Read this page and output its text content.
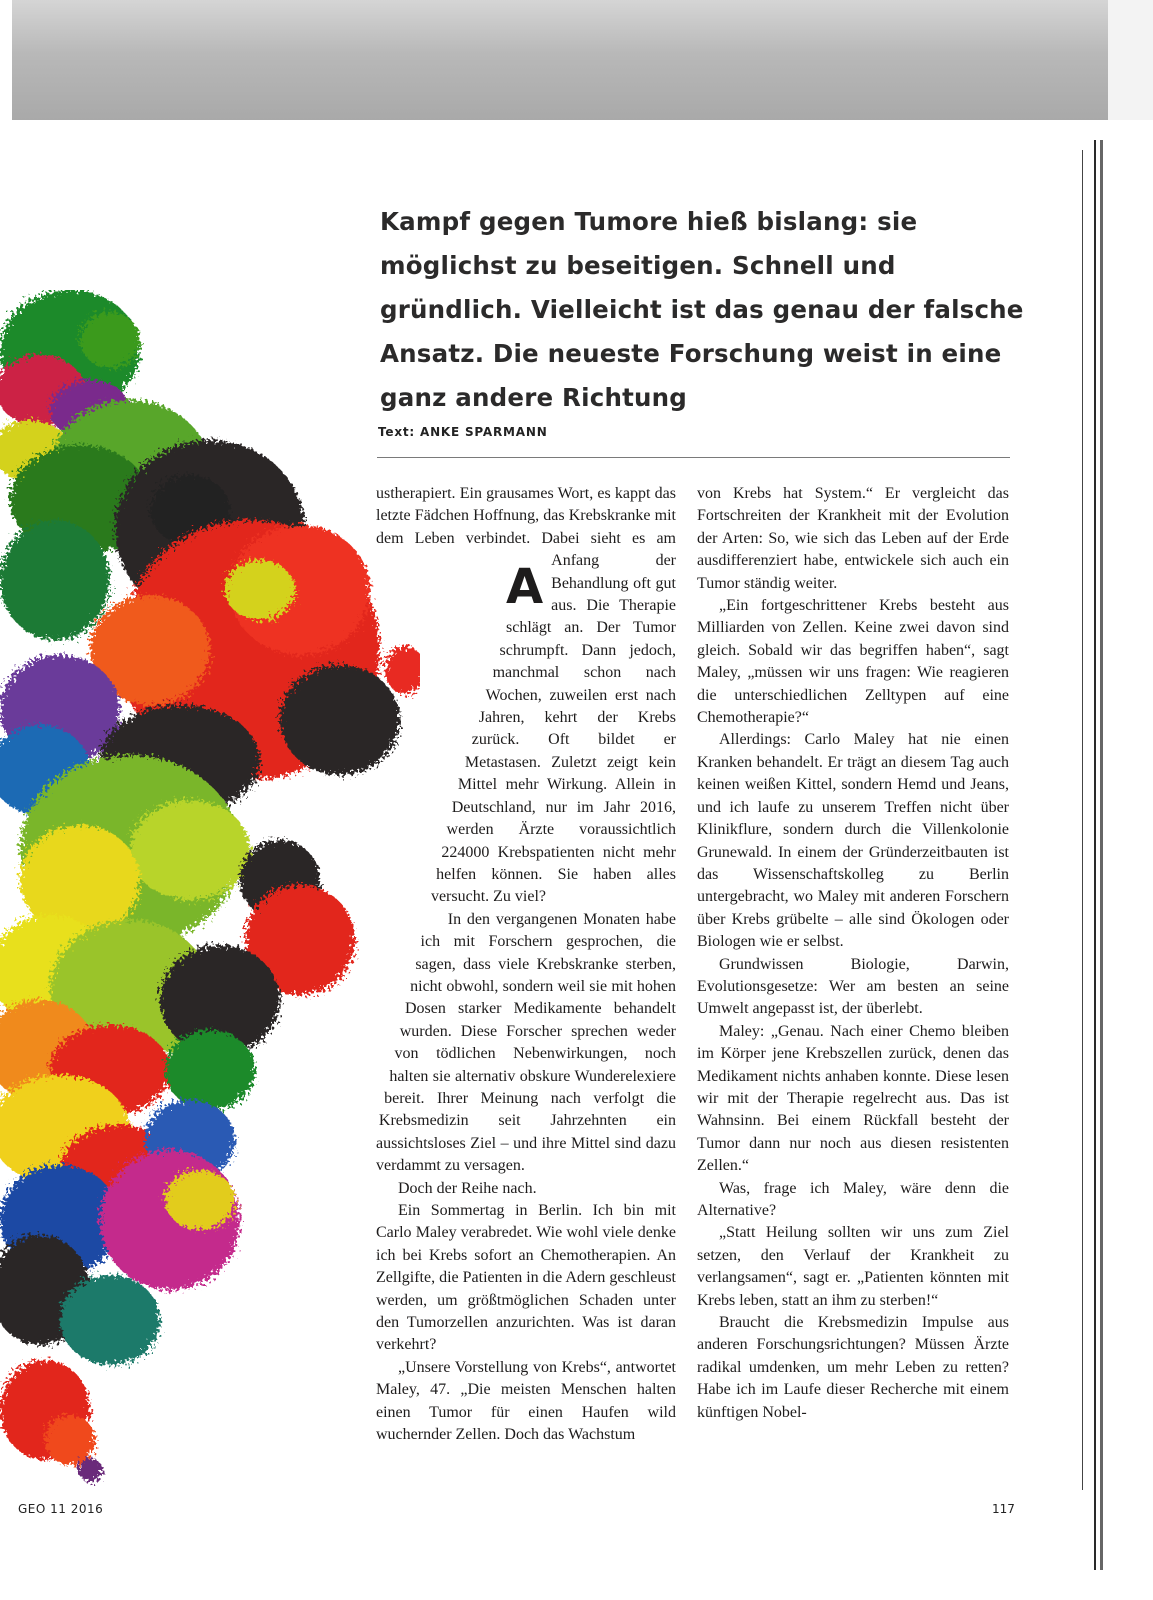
Kampf gegen Tumore hieß bislang: sie möglichst zu beseitigen. Schnell und gründlich. Vielleicht ist das genau der falsche Ansatz. Die neueste Forschung weist in eine ganz andere Richtung
Text: ANKE SPARMANN

A
ustherapiert. Ein grausames Wort, es kappt das letzte Fädchen Hoffnung, das Krebskranke mit dem Leben verbindet. Dabei sieht es am Anfang der Behandlung oft gut aus. Die Therapie schlägt an. Der Tumor schrumpft. Dann jedoch, manchmal schon nach Wochen, zuweilen erst nach Jahren, kehrt der Krebs zurück. Oft bildet er Metastasen. Zuletzt zeigt kein Mittel mehr Wirkung. Allein in Deutschland, nur im Jahr 2016, werden Ärzte voraussichtlich 224000 Krebspatienten nicht mehr helfen können. Sie haben alles versucht. Zu viel?

In den vergangenen Monaten habe ich mit Forschern gesprochen, die sagen, dass viele Krebskranke sterben, nicht obwohl, sondern weil sie mit hohen Dosen starker Medikamente behandelt wurden. Diese Forscher sprechen weder von tödlichen Nebenwirkungen, noch halten sie alternativ obskure Wunderelexiere bereit. Ihrer Meinung nach verfolgt die Krebsmedizin seit Jahrzehnten ein aussichtsloses Ziel – und ihre Mittel sind dazu verdammt zu versagen.

Doch der Reihe nach.

Ein Sommertag in Berlin. Ich bin mit Carlo Maley verabredet. Wie wohl viele denke ich bei Krebs sofort an Chemotherapien. An Zellgifte, die Patienten in die Adern geschleust werden, um größtmöglichen Schaden unter den Tumorzellen anzurichten. Was ist daran verkehrt?

„Unsere Vorstellung von Krebs“, antwortet Maley, 47. „Die meisten Menschen halten einen Tumor für einen Haufen wild wuchernder Zellen. Doch das Wachstum

von Krebs hat System.“ Er vergleicht das Fortschreiten der Krankheit mit der Evolution der Arten: So, wie sich das Leben auf der Erde ausdifferenziert habe, entwickele sich auch ein Tumor ständig weiter.

„Ein fortgeschrittener Krebs besteht aus Milliarden von Zellen. Keine zwei davon sind gleich. Sobald wir das begriffen haben“, sagt Maley, „müssen wir uns fragen: Wie reagieren die unterschiedlichen Zelltypen auf eine Chemotherapie?“

Allerdings: Carlo Maley hat nie einen Kranken behandelt. Er trägt an diesem Tag auch keinen weißen Kittel, sondern Hemd und Jeans, und ich laufe zu unserem Treffen nicht über Klinikflure, sondern durch die Villenkolonie Grunewald. In einem der Gründerzeitbauten ist das Wissenschaftskolleg zu Berlin untergebracht, wo Maley mit anderen Forschern über Krebs grübelte – alle sind Ökologen oder Biologen wie er selbst.

Grundwissen Biologie, Darwin, Evolutionsgesetze: Wer am besten an seine Umwelt angepasst ist, der überlebt.

Maley: „Genau. Nach einer Chemo bleiben im Körper jene Krebszellen zurück, denen das Medikament nichts anhaben konnte. Diese lesen wir mit der Therapie regelrecht aus. Das ist Wahnsinn. Bei einem Rückfall besteht der Tumor dann nur noch aus diesen resistenten Zellen.“

Was, frage ich Maley, wäre denn die Alternative?

„Statt Heilung sollten wir uns zum Ziel setzen, den Verlauf der Krankheit zu verlangsamen“, sagt er. „Patienten könnten mit Krebs leben, statt an ihm zu sterben!“

Braucht die Krebsmedizin Impulse aus anderen Forschungsrichtungen? Müssen Ärzte radikal umdenken, um mehr Leben zu retten? Habe ich im Laufe dieser Recherche mit einem künftigen Nobel-

GEO 11 2016	117
